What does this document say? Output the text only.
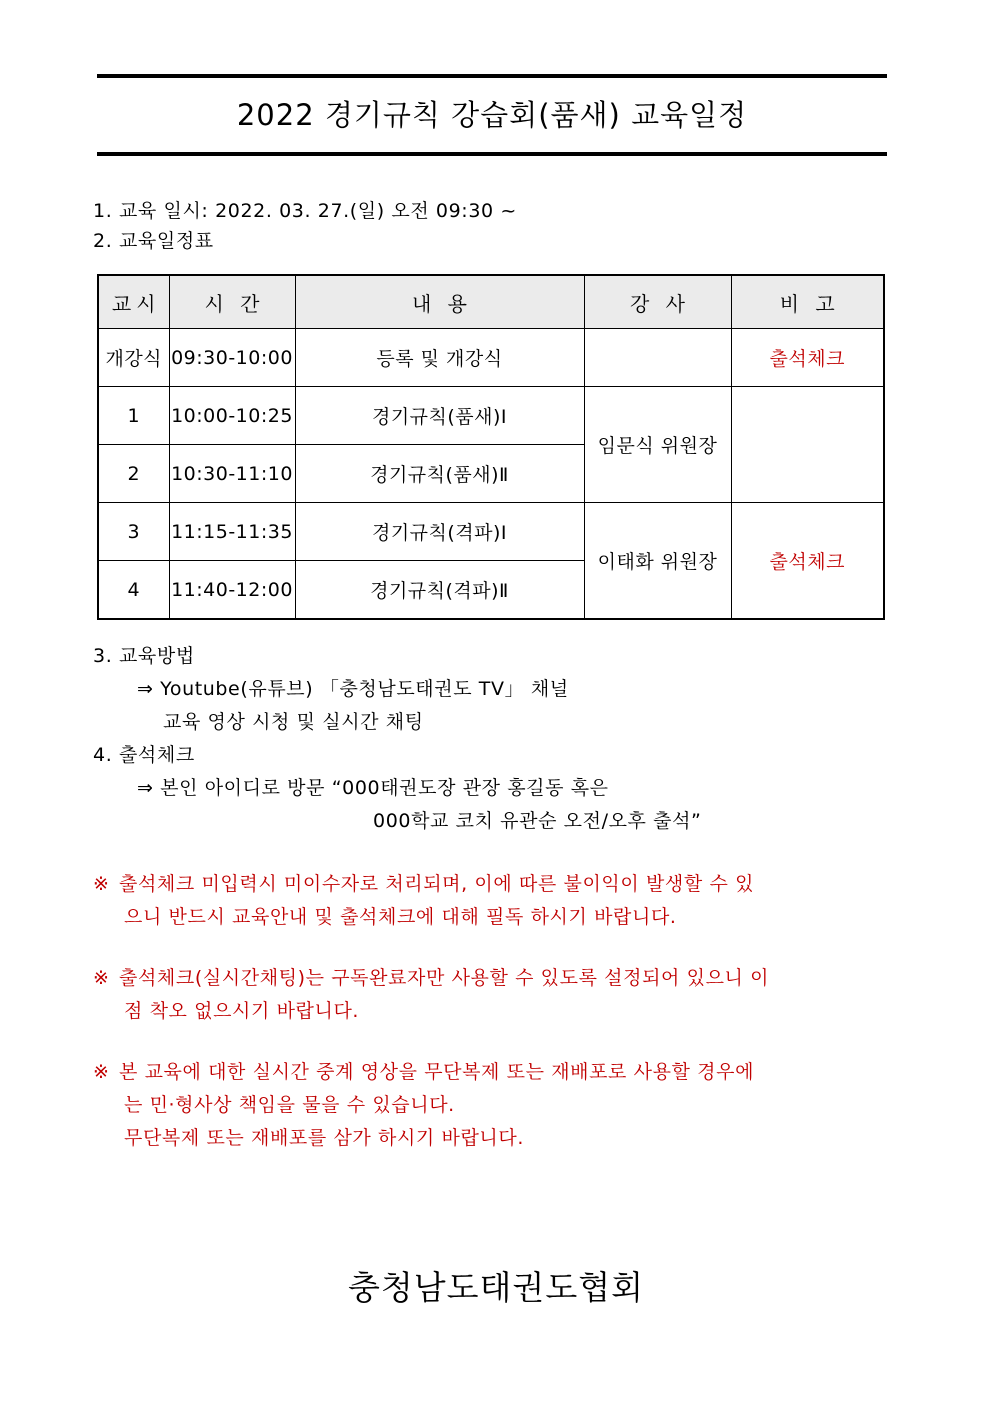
2022 경기규칙 강습회(품새) 교육일정
1. 교육 일시: 2022. 03. 27.(일) 오전 09:30 ~
2. 교육일정표
교시	시 간	내 용	강 사	비 고
개강식	09:30-10:00	등록 및 개강식		출석체크
1	10:00-10:25	경기규칙(품새)Ⅰ	임문식 위원장	
2	10:30-11:10	경기규칙(품새)Ⅱ		
3	11:15-11:35	경기규칙(격파)Ⅰ	이태화 위원장	출석체크
4	11:40-12:00	경기규칙(격파)Ⅱ		
3. 교육방법
⇒ Youtube(유튜브) 「충청남도태권도 TV」 채널
교육 영상 시청 및 실시간 채팅
4. 출석체크
⇒ 본인 아이디로 방문 “000태권도장 관장 홍길동 혹은
000학교 코치 유관순 오전/오후 출석”
※ 출석체크 미입력시 미이수자로 처리되며, 이에 따른 불이익이 발생할 수 있
으니 반드시 교육안내 및 출석체크에 대해 필독 하시기 바랍니다.
※ 출석체크(실시간채팅)는 구독완료자만 사용할 수 있도록 설정되어 있으니 이
점 착오 없으시기 바랍니다.
※ 본 교육에 대한 실시간 중계 영상을 무단복제 또는 재배포로 사용할 경우에
는 민·형사상 책임을 물을 수 있습니다.
무단복제 또는 재배포를 삼가 하시기 바랍니다.
충청남도태권도협회
